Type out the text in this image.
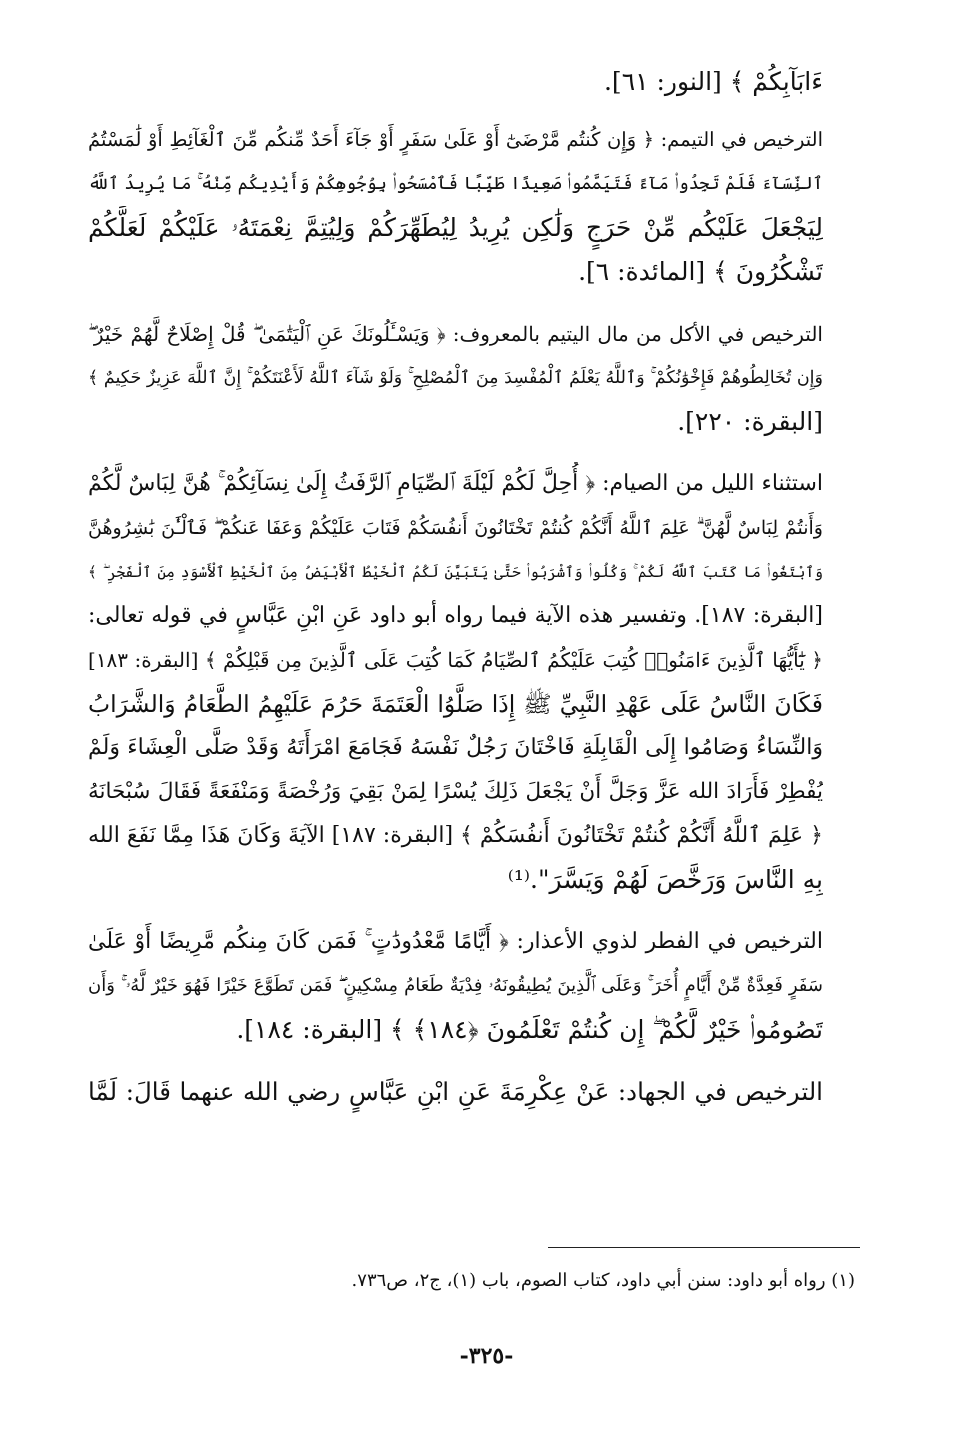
ءَابَآبِكُمْ ﴾ [النور: ٦١].
الترخيص في التيمم: ﴿ وَإِن كُنتُم مَّرْضَىٰٓ أَوْ عَلَىٰ سَفَرٍ أَوْ جَآءَ أَحَدٌ مِّنكُم مِّنَ ٱلْغَآئِطِ أَوْ لَٰمَسْتُمُ
ٱلنِّسَآءَ فَلَمْ تَجِدُوا۟ مَآءً فَتَيَمَّمُوا۟ صَعِيدًا طَيِّبًا فَٱمْسَحُوا۟ بِوُجُوهِكُمْ وَأَيْدِيكُم مِّنْهُ ۚ مَا يُرِيدُ ٱللَّهُ
لِيَجْعَلَ عَلَيْكُم مِّنْ حَرَجٍ وَلَٰكِن يُرِيدُ لِيُطَهِّرَكُمْ وَلِيُتِمَّ نِعْمَتَهُۥ عَلَيْكُمْ لَعَلَّكُمْ
تَشْكُرُونَ ﴾ [المائدة: ٦].
الترخيص في الأكل من مال اليتيم بالمعروف: ﴿ وَيَسْـَٔلُونَكَ عَنِ ٱلْيَتَٰمَىٰ ۖ قُلْ إِصْلَاحٌ لَّهُمْ خَيْرٌ ۖ
وَإِن تُخَالِطُوهُمْ فَإِخْوَٰنُكُمْ ۚ وَٱللَّهُ يَعْلَمُ ٱلْمُفْسِدَ مِنَ ٱلْمُصْلِحِ ۚ وَلَوْ شَآءَ ٱللَّهُ لَأَعْنَتَكُمْ ۚ إِنَّ ٱللَّهَ عَزِيزٌ حَكِيمٌ ﴾
[البقرة: ٢٢٠].
استثناء الليل من الصيام: ﴿ أُحِلَّ لَكُمْ لَيْلَةَ ٱلصِّيَامِ ٱلرَّفَثُ إِلَىٰ نِسَآئِكُمْ ۚ هُنَّ لِبَاسٌ لَّكُمْ
وَأَنتُمْ لِبَاسٌ لَّهُنَّ ۗ عَلِمَ ٱللَّهُ أَنَّكُمْ كُنتُمْ تَخْتَانُونَ أَنفُسَكُمْ فَتَابَ عَلَيْكُمْ وَعَفَا عَنكُمْ ۖ فَٱلْـَٰٔنَ بَٰشِرُوهُنَّ
وَٱبْتَغُوا۟ مَا كَتَبَ ٱللَّهُ لَكُمْ ۚ وَكُلُوا۟ وَٱشْرَبُوا۟ حَتَّىٰ يَتَبَيَّنَ لَكُمُ ٱلْخَيْطُ ٱلْأَبْيَضُ مِنَ ٱلْخَيْطِ ٱلْأَسْوَدِ مِنَ ٱلْفَجْرِ ۖ ﴾
[البقرة: ١٨٧]. وتفسير هذه الآية فيما رواه أبو داود عَنِ ابْنِ عَبَّاسٍ في قوله تعالى:
﴿ يَٰٓأَيُّهَا ٱلَّذِينَ ءَامَنُوا۟ كُتِبَ عَلَيْكُمُ ٱلصِّيَامُ كَمَا كُتِبَ عَلَى ٱلَّذِينَ مِن قَبْلِكُمْ ﴾ [البقرة: ١٨٣]
فَكَانَ النَّاسُ عَلَى عَهْدِ النَّبِيِّ ﷺ إِذَا صَلَّوُا الْعَتَمَةَ حَرُمَ عَلَيْهِمُ الطَّعَامُ وَالشَّرَابُ
وَالنِّسَاءُ وَصَامُوا إِلَى الْقَابِلَةِ فَاخْتَانَ رَجُلٌ نَفْسَهُ فَجَامَعَ امْرَأَتَهُ وَقَدْ صَلَّى الْعِشَاءَ وَلَمْ
يُفْطِرْ فَأَرَادَ الله عَزَّ وَجَلَّ أَنْ يَجْعَلَ ذَلِكَ يُسْرًا لِمَنْ بَقِيَ وَرُخْصَةً وَمَنْفَعَةً فَقَالَ سُبْحَانَهُ
﴿ عَلِمَ ٱللَّهُ أَنَّكُمْ كُنتُمْ تَخْتَانُونَ أَنفُسَكُمْ ﴾ [البقرة: ١٨٧] الآيَةَ وَكَانَ هَذَا مِمَّا نَفَعَ الله
بِهِ النَّاسَ وَرَخَّصَ لَهُمْ وَيَسَّرَ".⁽¹⁾
الترخيص في الفطر لذوي الأعذار: ﴿ أَيَّامًا مَّعْدُودَٰتٍ ۚ فَمَن كَانَ مِنكُم مَّرِيضًا أَوْ عَلَىٰ
سَفَرٍ فَعِدَّةٌ مِّنْ أَيَّامٍ أُخَرَ ۚ وَعَلَى ٱلَّذِينَ يُطِيقُونَهُۥ فِدْيَةٌ طَعَامُ مِسْكِينٍ ۖ فَمَن تَطَوَّعَ خَيْرًا فَهُوَ خَيْرٌ لَّهُۥ ۚ وَأَن
تَصُومُوا۟ خَيْرٌ لَّكُمْ ۖ إِن كُنتُمْ تَعْلَمُونَ ﴿١٨٤﴾ ﴾ [البقرة: ١٨٤].
الترخيص في الجهاد: عَنْ عِكْرِمَةَ عَنِ ابْنِ عَبَّاسٍ رضي الله عنهما قَالَ: لَمَّا
(١) رواه أبو داود: سنن أبي داود، كتاب الصوم، باب (١)، ج٢، ص٧٣٦.
-٣٢٥-
